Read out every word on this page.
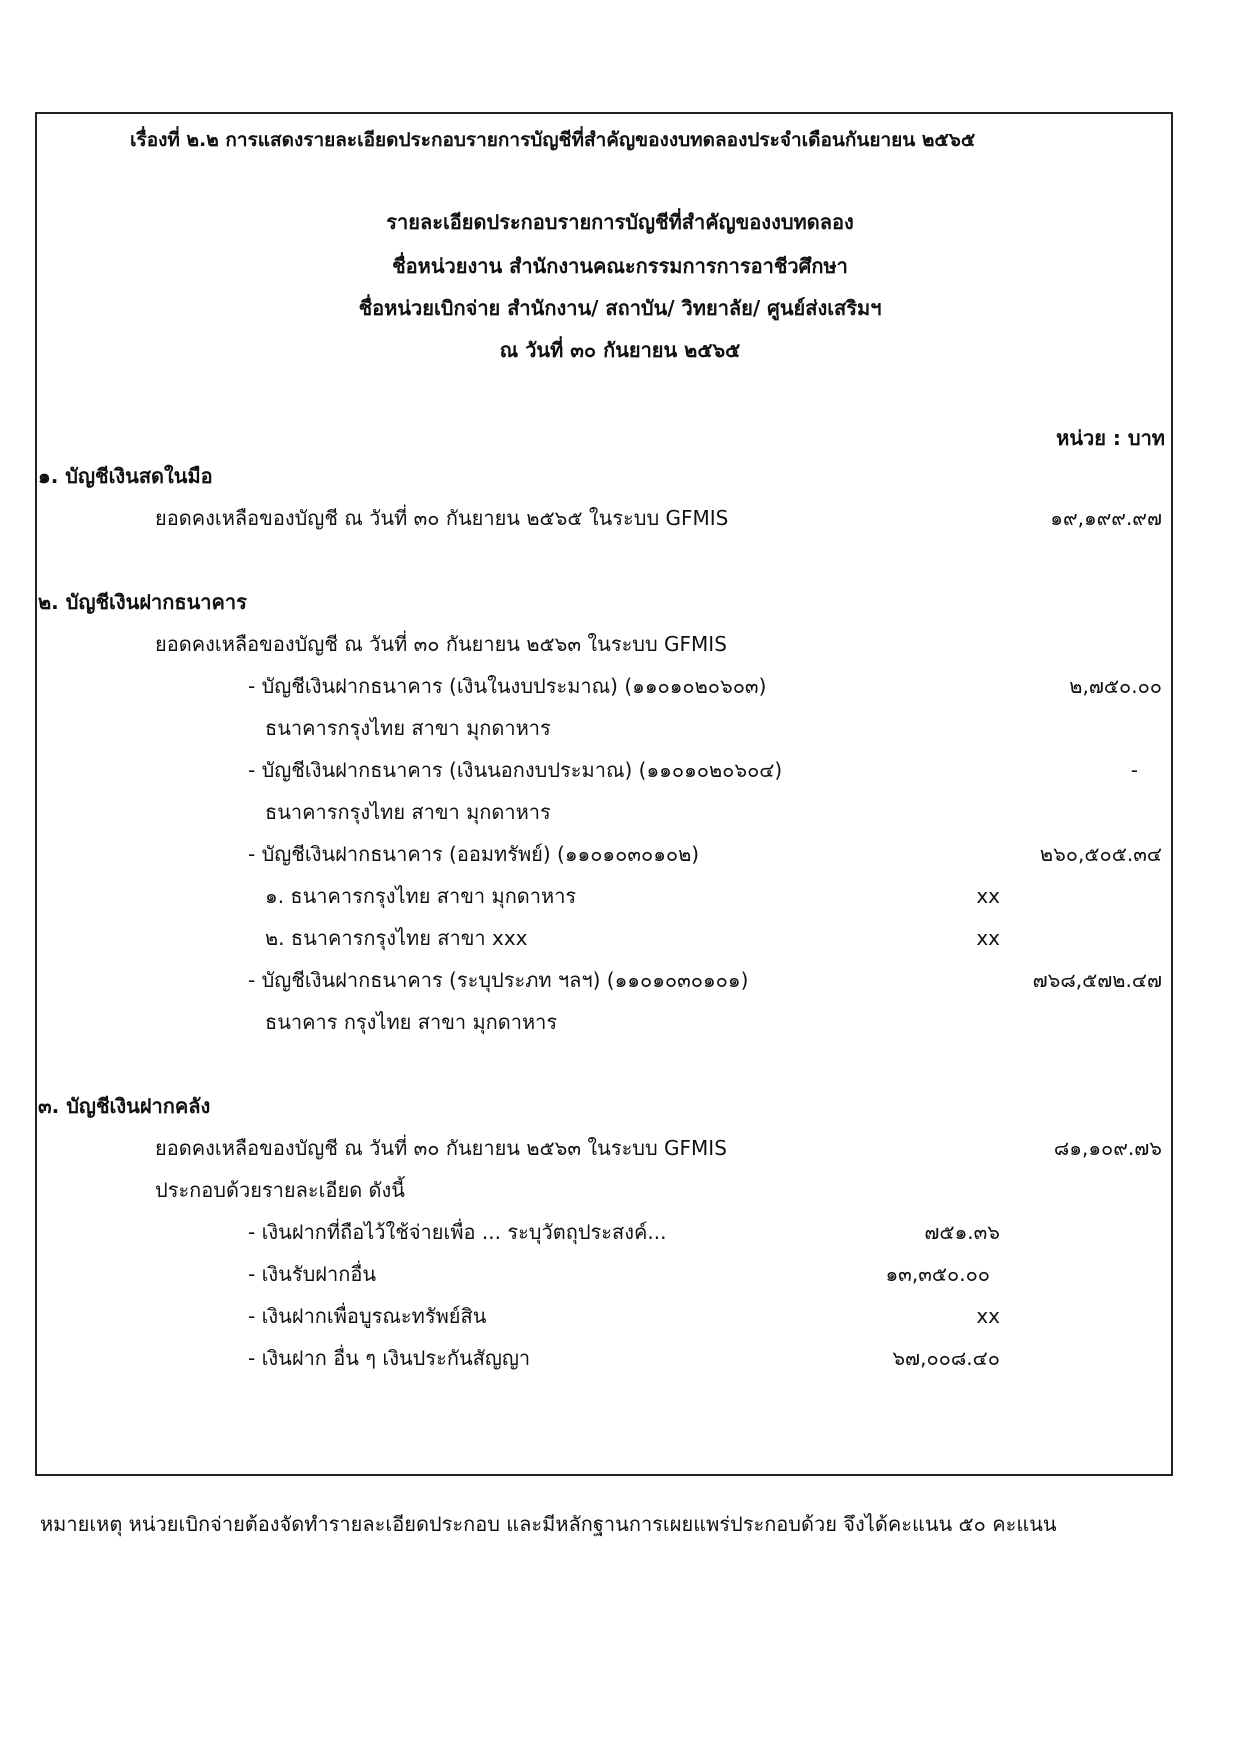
เรื่องที่ ๒.๒ การแสดงรายละเอียดประกอบรายการบัญชีที่สำคัญของงบทดลองประจำเดือนกันยายน ๒๕๖๕
รายละเอียดประกอบรายการบัญชีที่สำคัญของงบทดลอง
ชื่อหน่วยงาน สำนักงานคณะกรรมการการอาชีวศึกษา
ชื่อหน่วยเบิกจ่าย สำนักงาน/ สถาบัน/ วิทยาลัย/ ศูนย์ส่งเสริมฯ
ณ วันที่ ๓๐ กันยายน ๒๕๖๕
หน่วย : บาท
๑. บัญชีเงินสดในมือ
ยอดคงเหลือของบัญชี ณ วันที่ ๓๐ กันยายน ๒๕๖๕ ในระบบ GFMIS	๑๙,๑๙๙.๙๗
๒. บัญชีเงินฝากธนาคาร
ยอดคงเหลือของบัญชี ณ วันที่ ๓๐ กันยายน ๒๕๖๓ ในระบบ GFMIS
- บัญชีเงินฝากธนาคาร (เงินในงบประมาณ) (๑๑๐๑๐๒๐๖๐๓)	๒,๗๕๐.๐๐
ธนาคารกรุงไทย สาขา มุกดาหาร
- บัญชีเงินฝากธนาคาร (เงินนอกงบประมาณ) (๑๑๐๑๐๒๐๖๐๔)	-
ธนาคารกรุงไทย สาขา มุกดาหาร
- บัญชีเงินฝากธนาคาร (ออมทรัพย์) (๑๑๐๑๐๓๐๑๐๒)	๒๖๐,๕๐๕.๓๔
๑. ธนาคารกรุงไทย สาขา มุกดาหาร	xx
๒. ธนาคารกรุงไทย สาขา xxx	xx
- บัญชีเงินฝากธนาคาร (ระบุประภท ฯลฯ) (๑๑๐๑๐๓๐๑๐๑)	๗๖๘,๕๗๒.๔๗
ธนาคาร กรุงไทย สาขา มุกดาหาร
๓. บัญชีเงินฝากคลัง
ยอดคงเหลือของบัญชี ณ วันที่ ๓๐ กันยายน ๒๕๖๓ ในระบบ GFMIS	๘๑,๑๐๙.๗๖
ประกอบด้วยรายละเอียด ดังนี้
- เงินฝากที่ถือไว้ใช้จ่ายเพื่อ ... ระบุวัตถุประสงค์...	๗๕๑.๓๖
- เงินรับฝากอื่น	๑๓,๓๕๐.๐๐
- เงินฝากเพื่อบูรณะทรัพย์สิน	xx
- เงินฝาก อื่น ๆ เงินประกันสัญญา	๖๗,๐๐๘.๔๐
หมายเหตุ หน่วยเบิกจ่ายต้องจัดทำรายละเอียดประกอบ และมีหลักฐานการเผยแพร่ประกอบด้วย จึงได้คะแนน ๕๐ คะแนน
